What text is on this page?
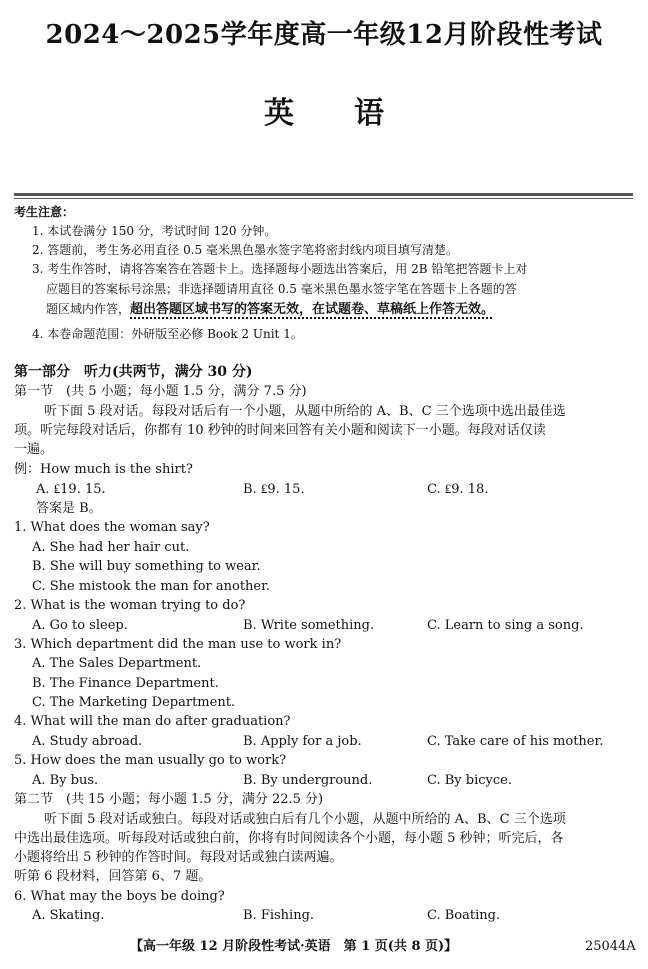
2024～2025学年度高一年级12月阶段性考试
英语
考生注意：
1. 本试卷满分 150 分，考试时间 120 分钟。
2. 答题前，考生务必用直径 0.5 毫米黑色墨水签字笔将密封线内项目填写清楚。
3. 考生作答时，请将答案答在答题卡上。选择题每小题选出答案后，用 2B 铅笔把答题卡上对
应题目的答案标号涂黑；非选择题请用直径 0.5 毫米黑色墨水签字笔在答题卡上各题的答
题区域内作答，超出答题区域书写的答案无效，在试题卷、草稿纸上作答无效。
4. 本卷命题范围：外研版至必修 Book 2 Unit 1。
第一部分　听力(共两节，满分 30 分)
第一节　(共 5 小题；每小题 1.5 分，满分 7.5 分)
听下面 5 段对话。每段对话后有一个小题，从题中所给的 A、B、C 三个选项中选出最佳选
项。听完每段对话后，你都有 10 秒钟的时间来回答有关小题和阅读下一小题。每段对话仅读
一遍。
例：How much is the shirt?
A. ₤19. 15.	B. ₤9. 15.	C. ₤9. 18.
答案是 B。
1. What does the woman say?
A. She had her hair cut.
B. She will buy something to wear.
C. She mistook the man for another.
2. What is the woman trying to do?
A. Go to sleep.	B. Write something.	C. Learn to sing a song.
3. Which department did the man use to work in?
A. The Sales Department.
B. The Finance Department.
C. The Marketing Department.
4. What will the man do after graduation?
A. Study abroad.	B. Apply for a job.	C. Take care of his mother.
5. How does the man usually go to work?
A. By bus.	B. By underground.	C. By bicyce.
第二节　(共 15 小题；每小题 1.5 分，满分 22.5 分)
听下面 5 段对话或独白。每段对话或独白后有几个小题，从题中所给的 A、B、C 三个选项
中选出最佳选项。听每段对话或独白前，你将有时间阅读各个小题，每小题 5 秒钟；听完后，各
小题将给出 5 秒钟的作答时间。每段对话或独白读两遍。
听第 6 段材料，回答第 6、7 题。
6. What may the boys be doing?
A. Skating.	B. Fishing.	C. Boating.
【高一年级 12 月阶段性考试·英语　第 1 页(共 8 页)】	25044A
